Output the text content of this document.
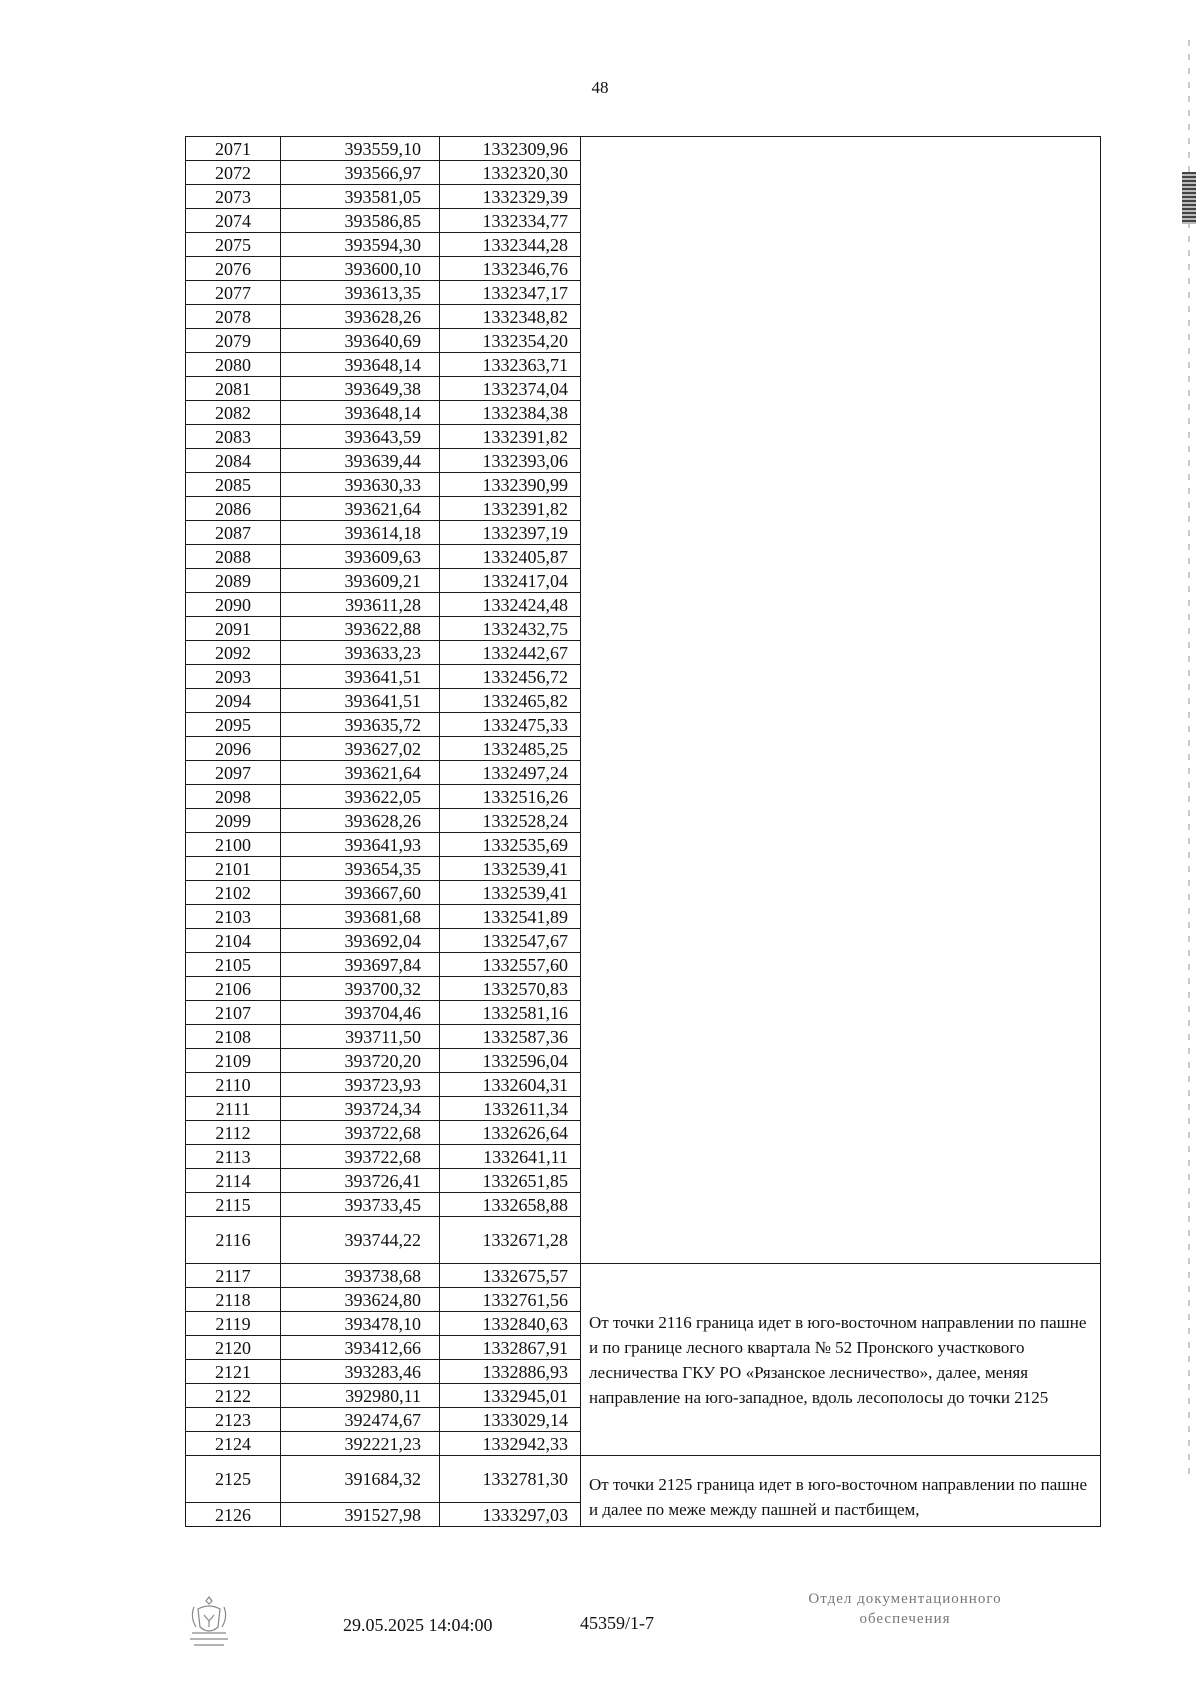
48
2071	393559,10	1332309,96	
2072	393566,97	1332320,30	
2073	393581,05	1332329,39	
2074	393586,85	1332334,77	
2075	393594,30	1332344,28	
2076	393600,10	1332346,76	
2077	393613,35	1332347,17	
2078	393628,26	1332348,82	
2079	393640,69	1332354,20	
2080	393648,14	1332363,71	
2081	393649,38	1332374,04	
2082	393648,14	1332384,38	
2083	393643,59	1332391,82	
2084	393639,44	1332393,06	
2085	393630,33	1332390,99	
2086	393621,64	1332391,82	
2087	393614,18	1332397,19	
2088	393609,63	1332405,87	
2089	393609,21	1332417,04	
2090	393611,28	1332424,48	
2091	393622,88	1332432,75	
2092	393633,23	1332442,67	
2093	393641,51	1332456,72	
2094	393641,51	1332465,82	
2095	393635,72	1332475,33	
2096	393627,02	1332485,25	
2097	393621,64	1332497,24	
2098	393622,05	1332516,26	
2099	393628,26	1332528,24	
2100	393641,93	1332535,69	
2101	393654,35	1332539,41	
2102	393667,60	1332539,41	
2103	393681,68	1332541,89	
2104	393692,04	1332547,67	
2105	393697,84	1332557,60	
2106	393700,32	1332570,83	
2107	393704,46	1332581,16	
2108	393711,50	1332587,36	
2109	393720,20	1332596,04	
2110	393723,93	1332604,31	
2111	393724,34	1332611,34	
2112	393722,68	1332626,64	
2113	393722,68	1332641,11	
2114	393726,41	1332651,85	
2115	393733,45	1332658,88	
2116	393744,22	1332671,28	
2117	393738,68	1332675,57	От точки 2116 граница идет в юго-восточном направлении по пашне и по границе лесного квартала № 52 Пронского участкового лесничества ГКУ РО «Рязанское лесничество», далее, меняя направление на юго-западное, вдоль лесополосы до точки 2125
2118	393624,80	1332761,56	
2119	393478,10	1332840,63	
2120	393412,66	1332867,91	
2121	393283,46	1332886,93	
2122	392980,11	1332945,01	
2123	392474,67	1333029,14	
2124	392221,23	1332942,33	
2125	391684,32	1332781,30	От точки 2125 граница идет в юго-восточном направлении по пашне и далее по меже между пашней и пастбищем,
2126	391527,98	1333297,03	
29.05.2025 14:04:00	45359/1-7
Отдел документационного
обеспечения
